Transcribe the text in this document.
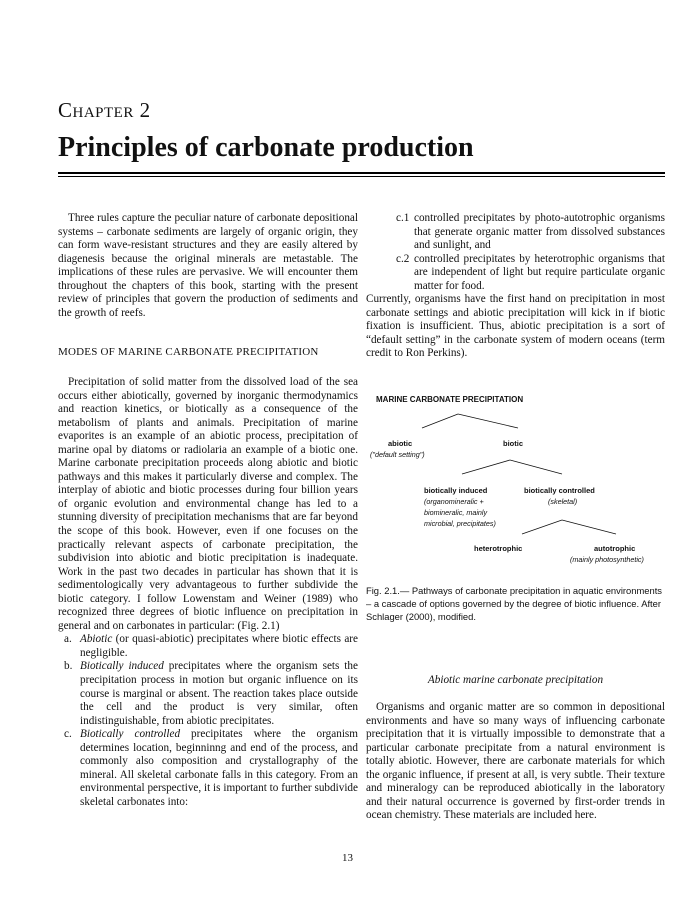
Chapter 2
Principles of carbonate production

Three rules capture the peculiar nature of carbonate depositional systems – carbonate sediments are largely of organic origin, they can form wave-resistant structures and they are easily altered by diagenesis because the original minerals are metastable. The implications of these rules are pervasive. We will encounter them throughout the chapters of this book, starting with the present review of principles that govern the production of sediments and the growth of reefs.

MODES OF MARINE CARBONATE PRECIPITATION

Precipitation of solid matter from the dissolved load of the sea occurs either abiotically, governed by inorganic thermodynamics and reaction kinetics, or biotically as a consequence of the metabolism of plants and animals. Precipitation of marine evaporites is an example of an abiotic process, precipitation of marine opal by diatoms or radiolaria an example of a biotic one. Marine carbonate precipitation proceeds along abiotic and biotic pathways and this makes it particularly diverse and complex. The interplay of abiotic and biotic processes during four billion years of organic evolution and environmental change has led to a stunning diversity of precipitation mechanisms that are far beyond the scope of this book. However, even if one focuses on the practically relevant aspects of carbonate precipitation, the subdivision into abiotic and biotic precipitation is inadequate. Work in the past two decades in particular has shown that it is sedimentologically very advantageous to further subdivide the biotic category. I follow Lowenstam and Weiner (1989) who recognized three degrees of biotic influence on precipitation in general and on carbonates in particular: (Fig. 2.1)

a. Abiotic (or quasi-abiotic) precipitates where biotic effects are negligible.
b. Biotically induced precipitates where the organism sets the precipitation process in motion but organic influence on its course is marginal or absent. The reaction takes place outside the cell and the product is very similar, often indistinguishable, from abiotic precipitates.
c. Biotically controlled precipitates where the organism determines location, beginninng and end of the process, and commonly also composition and crystallography of the mineral. All skeletal carbonate falls in this category. From an environmental perspective, it is important to further subdivide skeletal carbonates into:
c.1 controlled precipitates by photo-autotrophic organisms that generate organic matter from dissolved substances and sunlight, and
c.2 controlled precipitates by heterotrophic organisms that are independent of light but require particulate organic matter for food.

Currently, organisms have the first hand on precipitation in most carbonate settings and abiotic precipitation will kick in if biotic fixation is insufficient. Thus, abiotic precipitation is a sort of “default setting” in the carbonate system of modern oceans (term credit to Ron Perkins).

MARINE CARBONATE PRECIPITATION
abiotic
("default setting")
biotic
biotically induced
(organomineralic +
biomineralic, mainly
microbial, precipitates)
biotically controlled
(skeletal)
heterotrophic	autotrophic
(mainly photosynthetic)
Fig. 2.1.— Pathways of carbonate precipitation in aquatic environments – a cascade of options governed by the degree of biotic influence. After Schlager (2000), modified.
Abiotic marine carbonate precipitation

Organisms and organic matter are so common in depositional environments and have so many ways of influencing carbonate precipitation that it is virtually impossible to demonstrate that a particular carbonate precipitate from a natural environment is totally abiotic. However, there are carbonate materials for which the organic influence, if present at all, is very subtle. Their texture and mineralogy can be reproduced abiotically in the laboratory and their natural occurrence is governed by first-order trends in ocean chemistry. These materials are included here.

13
